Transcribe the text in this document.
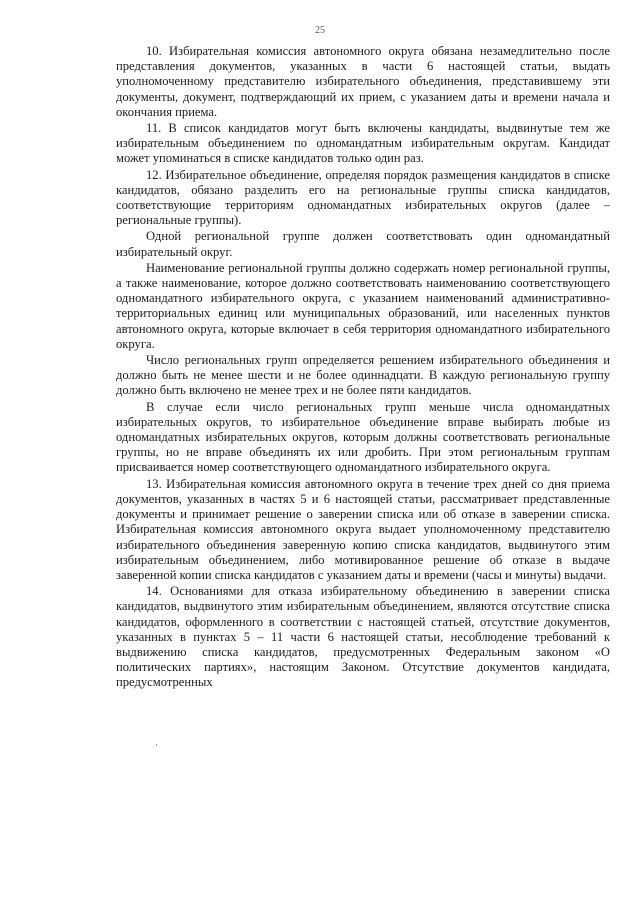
25

10. Избирательная комиссия автономного округа обязана незамедлительно после представления документов, указанных в части 6 настоящей статьи, выдать уполномоченному представителю избирательного объединения, представившему эти документы, документ, подтверждающий их прием, с указанием даты и времени начала и окончания приема.

11. В список кандидатов могут быть включены кандидаты, выдвинутые тем же избирательным объединением по одномандатным избирательным округам. Кандидат может упоминаться в списке кандидатов только один раз.

12. Избирательное объединение, определяя порядок размещения кандидатов в списке кандидатов, обязано разделить его на региональные группы списка кандидатов, соответствующие территориям одномандатных избирательных округов (далее – региональные группы).

Одной региональной группе должен соответствовать один одномандатный избирательный округ.

Наименование региональной группы должно содержать номер региональной группы, а также наименование, которое должно соответствовать наименованию соответствующего одномандатного избирательного округа, с указанием наименований административно-территориальных единиц или муниципальных образований, или населенных пунктов автономного округа, которые включает в себя территория одномандатного избирательного округа.

Число региональных групп определяется решением избирательного объединения и должно быть не менее шести и не более одиннадцати. В каждую региональную группу должно быть включено не менее трех и не более пяти кандидатов.

В случае если число региональных групп меньше числа одномандатных избирательных округов, то избирательное объединение вправе выбирать любые из одномандатных избирательных округов, которым должны соответствовать региональные группы, но не вправе объединять их или дробить. При этом региональным группам присваивается номер соответствующего одномандатного избирательного округа.

13. Избирательная комиссия автономного округа в течение трех дней со дня приема документов, указанных в частях 5 и 6 настоящей статьи, рассматривает представленные документы и принимает решение о заверении списка или об отказе в заверении списка. Избирательная комиссия автономного округа выдает уполномоченному представителю избирательного объединения заверенную копию списка кандидатов, выдвинутого этим избирательным объединением, либо мотивированное решение об отказе в выдаче заверенной копии списка кандидатов с указанием даты и времени (часы и минуты) выдачи.

14. Основаниями для отказа избирательному объединению в заверении списка кандидатов, выдвинутого этим избирательным объединением, являются отсутствие списка кандидатов, оформленного в соответствии с настоящей статьей, отсутствие документов, указанных в пунктах 5 – 11 части 6 настоящей статьи, несоблюдение требований к выдвижению списка кандидатов, предусмотренных Федеральным законом «О политических партиях», настоящим Законом. Отсутствие документов кандидата, предусмотренных
